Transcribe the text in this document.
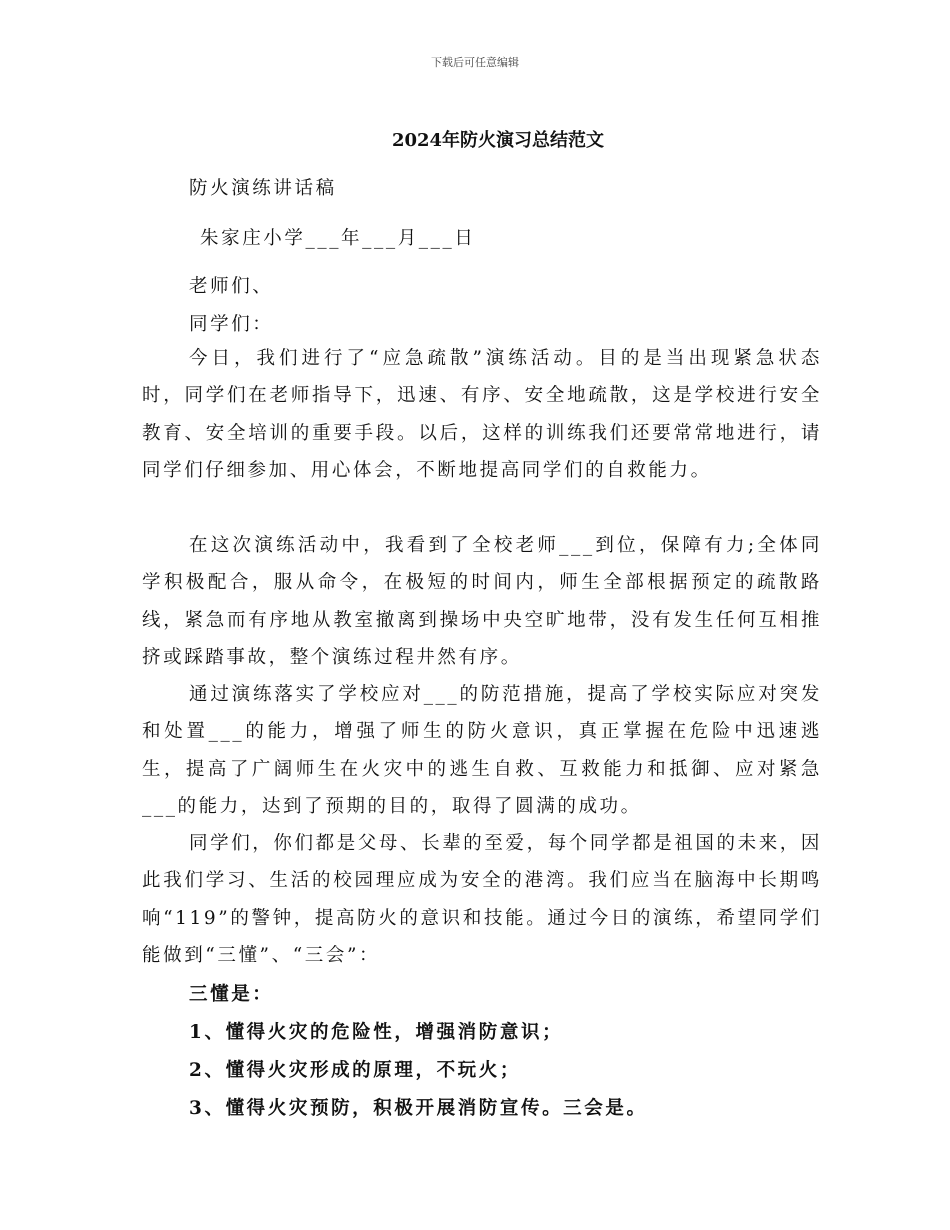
下载后可任意编辑
2024年防火演习总结范文
防火演练讲话稿
朱家庄小学___年___月___日
老师们、
同学们：

今日，我们进行了“应急疏散”演练活动。目的是当出现紧急状态时，同学们在老师指导下，迅速、有序、安全地疏散，这是学校进行安全教育、安全培训的重要手段。以后，这样的训练我们还要常常地进行，请同学们仔细参加、用心体会，不断地提高同学们的自救能力。

在这次演练活动中，我看到了全校老师___到位，保障有力;全体同学积极配合，服从命令，在极短的时间内，师生全部根据预定的疏散路线，紧急而有序地从教室撤离到操场中央空旷地带，没有发生任何互相推挤或踩踏事故，整个演练过程井然有序。

通过演练落实了学校应对___的防范措施，提高了学校实际应对突发和处置___的能力，增强了师生的防火意识，真正掌握在危险中迅速逃生，提高了广阔师生在火灾中的逃生自救、互救能力和抵御、应对紧急___的能力，达到了预期的目的，取得了圆满的成功。

同学们，你们都是父母、长辈的至爱，每个同学都是祖国的未来，因此我们学习、生活的校园理应成为安全的港湾。我们应当在脑海中长期鸣响“119”的警钟，提高防火的意识和技能。通过今日的演练，希望同学们能做到“三懂”、“三会”：

三懂是：
1、懂得火灾的危险性，增强消防意识；
2、懂得火灾形成的原理，不玩火；
3、懂得火灾预防，积极开展消防宣传。三会是。
